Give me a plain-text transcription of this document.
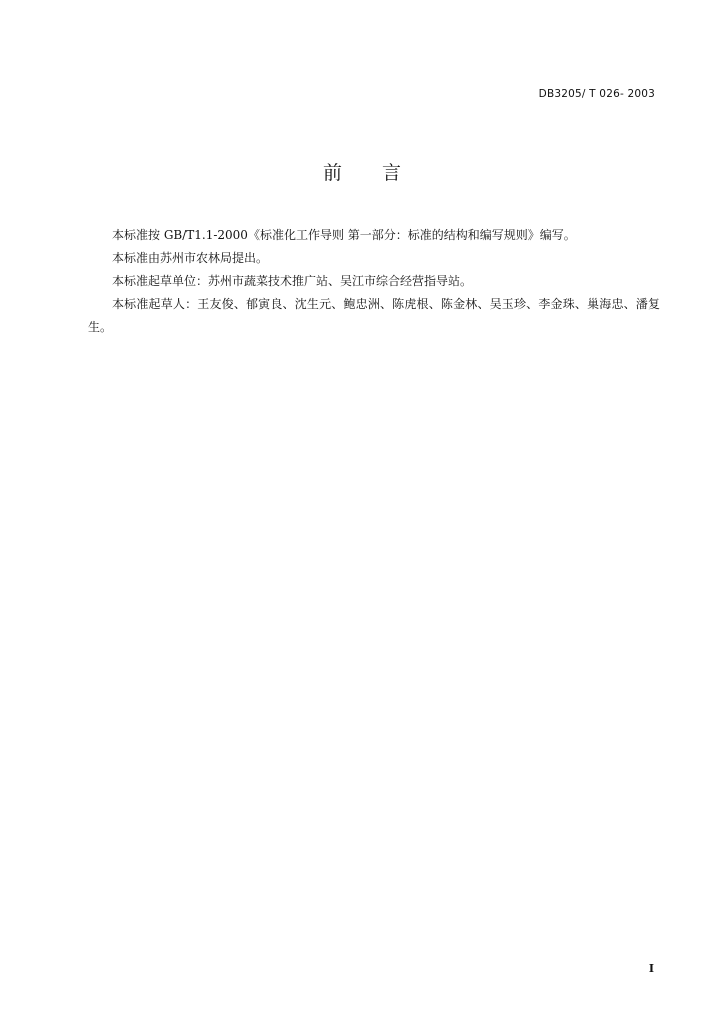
DB3205/ T 026- 2003
前 言

本标准按 GB/T1.1-2000《标准化工作导则 第一部分：标准的结构和编写规则》编写。

本标准由苏州市农林局提出。

本标准起草单位：苏州市蔬菜技术推广站、吴江市综合经营指导站。

本标准起草人：王友俊、郁寅良、沈生元、鲍忠洲、陈虎根、陈金林、吴玉珍、李金珠、巢海忠、潘复生。

I
